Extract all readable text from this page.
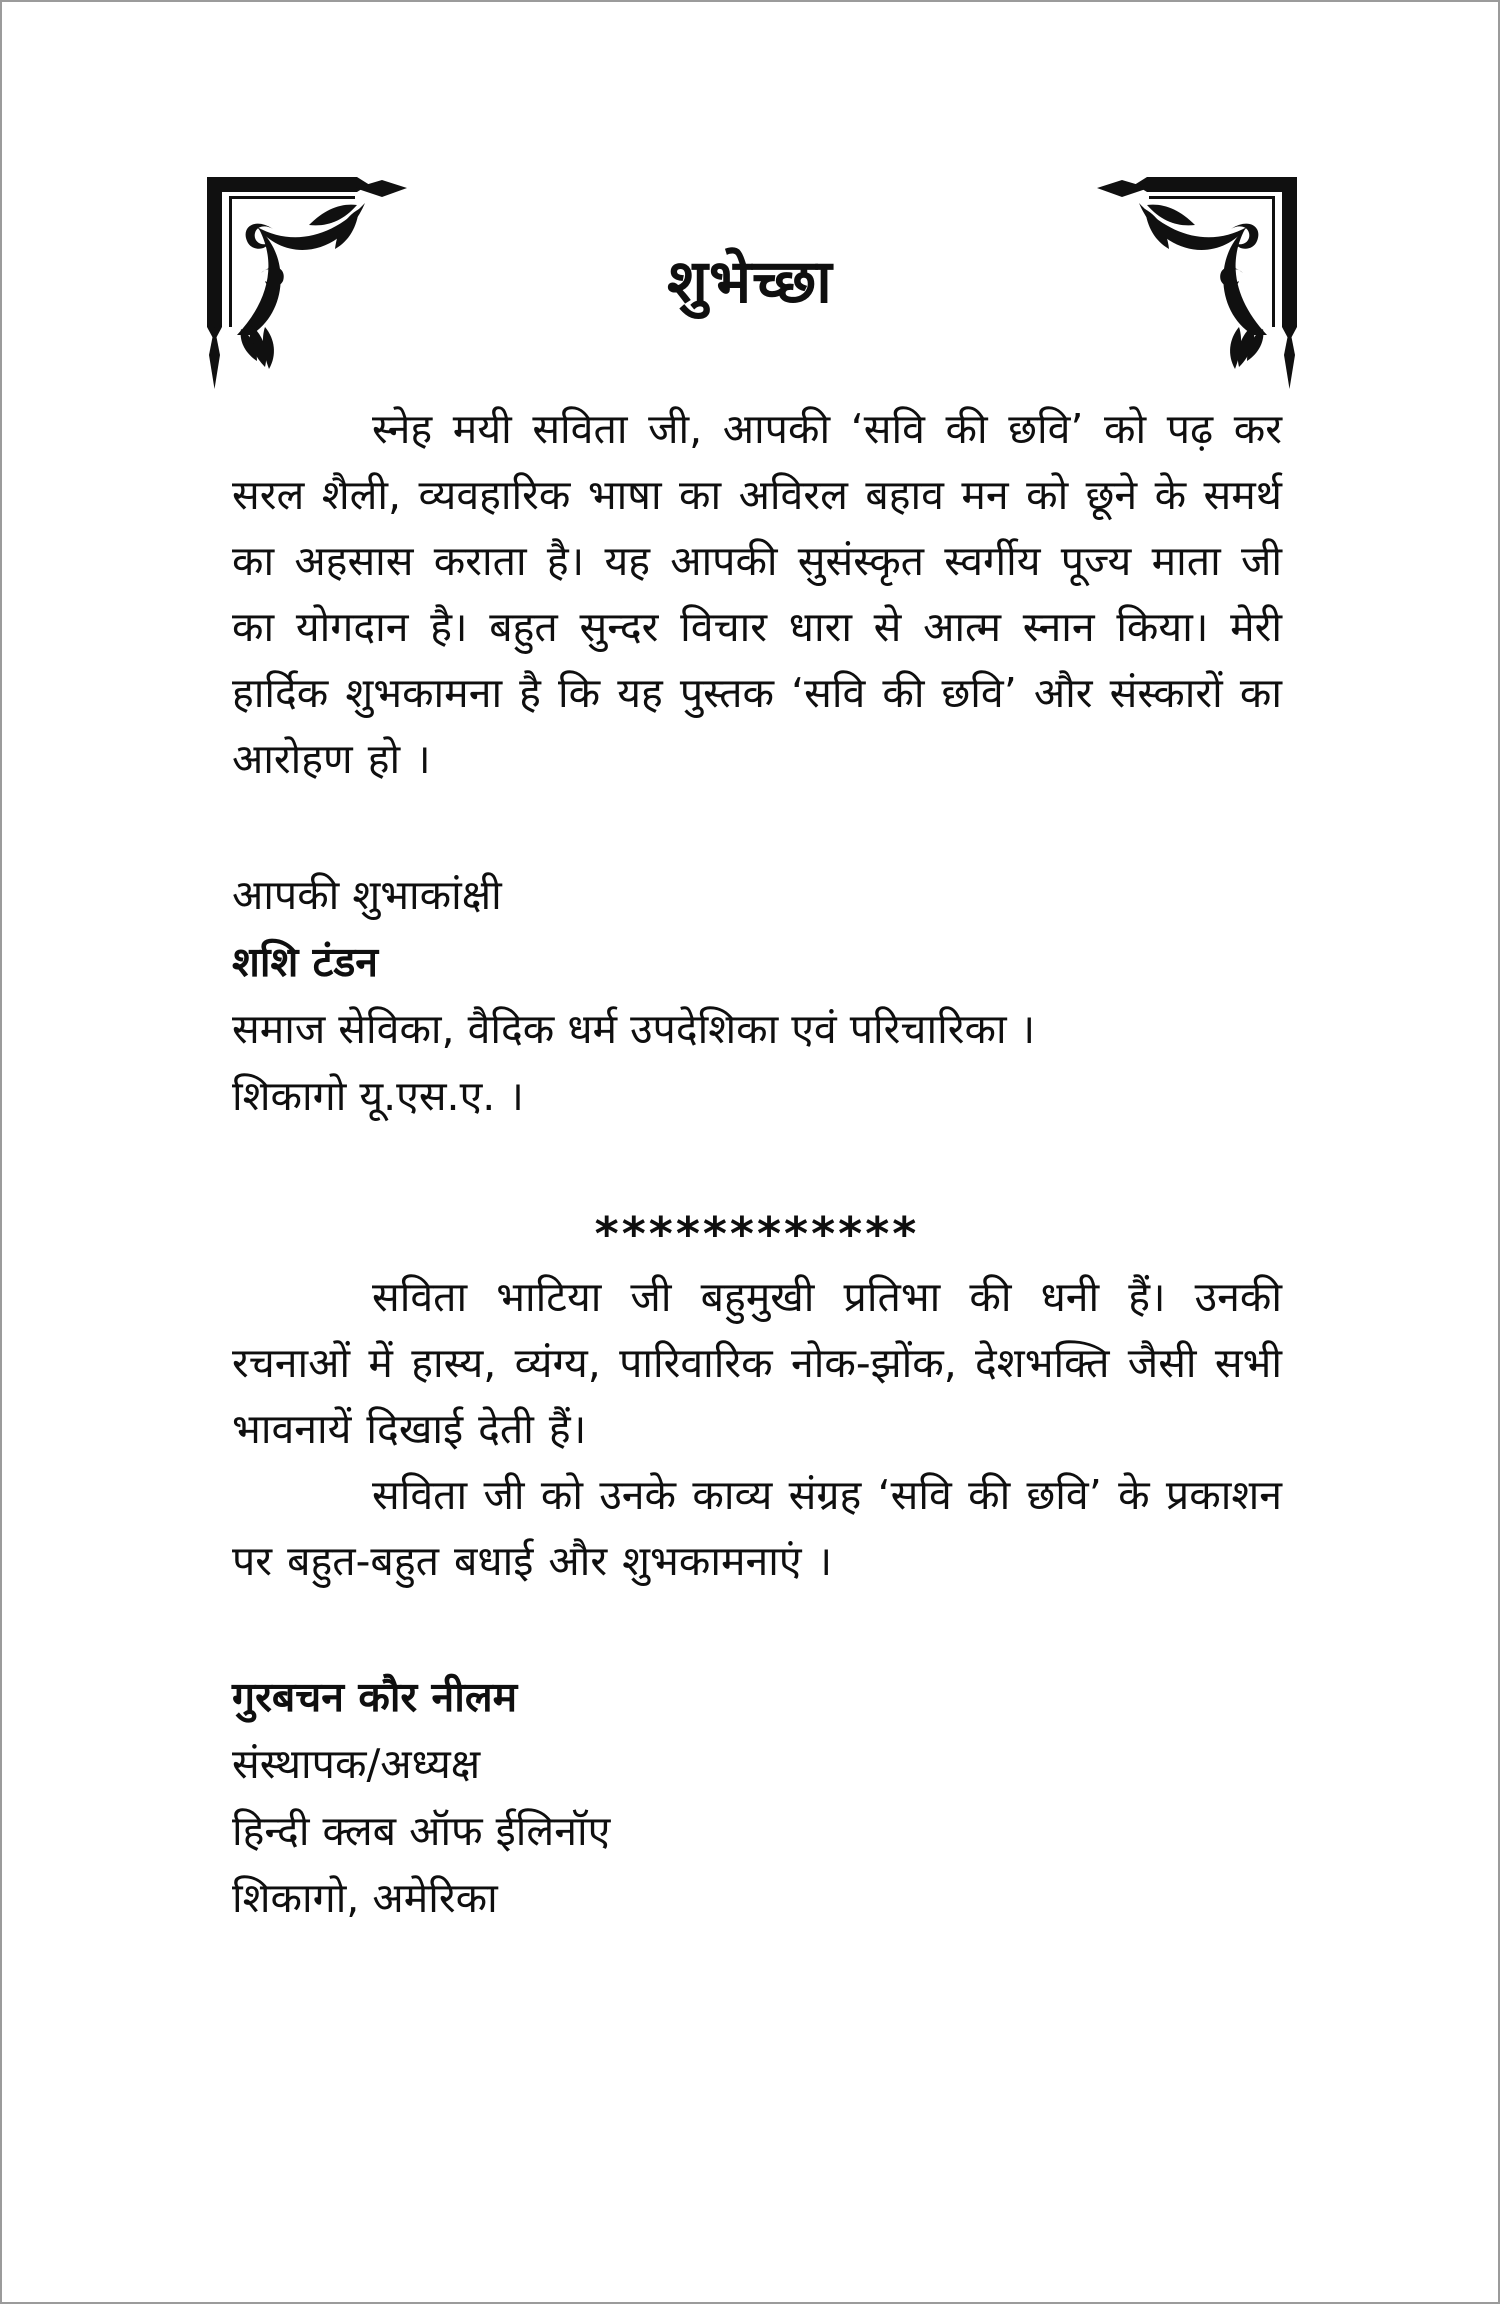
शुभेच्छा

स्नेह मयी सविता जी, आपकी ‘सवि की छवि’ को पढ़ कर सरल शैली, व्यवहारिक भाषा का अविरल बहाव मन को छूने के समर्थ का अहसास कराता है। यह आपकी सुसंस्कृत स्वर्गीय पूज्य माता जी का योगदान है। बहुत सुन्दर विचार धारा से आत्म स्नान किया। मेरी हार्दिक शुभकामना है कि यह पुस्तक ‘सवि की छवि’ और संस्कारों का आरोहण हो ।

आपकी शुभाकांक्षी
शशि टंडन
समाज सेविका, वैदिक धर्म उपदेशिका एवं परिचारिका ।
शिकागो यू.एस.ए. ।
************

सविता भाटिया जी बहुमुखी प्रतिभा की धनी हैं। उनकी रचनाओं में हास्य, व्यंग्य, पारिवारिक नोक-झोंक, देशभक्ति जैसी सभी भावनायें दिखाई देती हैं।

सविता जी को उनके काव्य संग्रह ‘सवि की छवि’ के प्रकाशन पर बहुत-बहुत बधाई और शुभकामनाएं ।

गुरबचन कौर नीलम
संस्थापक/अध्यक्ष
हिन्दी क्लब ऑफ ईलिनॉए
शिकागो, अमेरिका
